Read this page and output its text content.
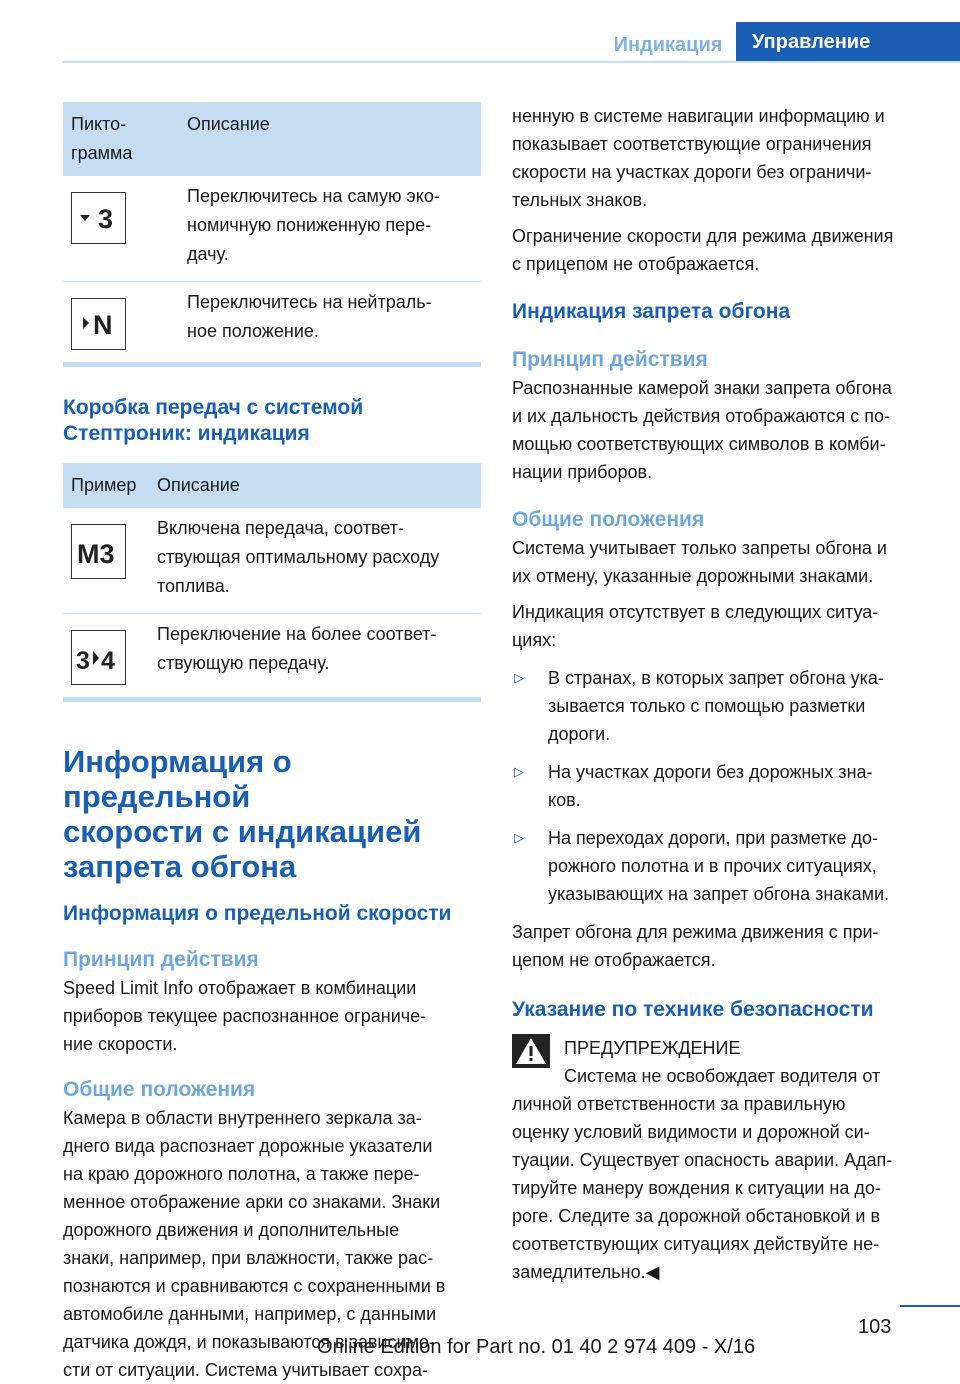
Индикация	Управление
Пикто-
грамма	Описание

3	Переключитесь на самую эко-
номичную пониженную пере-
дачу.

N	Переключитесь на нейтраль-
ное положение.
Коробка передач с системой
Стептроник: индикация
Пример	Описание

M3	Включена передача, соответ-
ствующая оптимальному расходу
топлива.

3 4	Переключение на более соответ-
ствующую передачу.
Информация о предельной
скорости с индикацией
запрета обгона
Информация о предельной скорости
Принцип действия

Speed Limit Info отображает в комбинации
приборов текущее распознанное ограниче-
ние скорости.

Общие положения

Камера в области внутреннего зеркала за-
днего вида распознает дорожные указатели
на краю дорожного полотна, а также пере-
менное отображение арки со знаками. Знаки
дорожного движения и дополнительные
знаки, например, при влажности, также рас-
познаются и сравниваются с сохраненными в
автомобиле данными, например, с данными
датчика дождя, и показываются в зависимо-
сти от ситуации. Система учитывает сохра-

ненную в системе навигации информацию и
показывает соответствующие ограничения
скорости на участках дороги без ограничи-
тельных знаков.

Ограничение скорости для режима движения
с прицепом не отображается.

Индикация запрета обгона
Принцип действия

Распознанные камерой знаки запрета обгона
и их дальность действия отображаются с по-
мощью соответствующих символов в комби-
нации приборов.

Общие положения

Система учитывает только запреты обгона и
их отмену, указанные дорожными знаками.

Индикация отсутствует в следующих ситуа-
циях:

▷	В странах, в которых запрет обгона ука-
зывается только с помощью разметки
дороги.
▷	На участках дороги без дорожных зна-
ков.
▷	На переходах дороги, при разметке до-
рожного полотна и в прочих ситуациях,
указывающих на запрет обгона знаками.

Запрет обгона для режима движения с при-
цепом не отображается.

Указание по технике безопасности
ПРЕДУПРЕЖДЕНИЕ
Система не освобождает водителя от
личной ответственности за правильную
оценку условий видимости и дорожной си-
туации. Существует опасность аварии. Адап-
тируйте манеру вождения к ситуации на до-
роге. Следите за дорожной обстановкой и в
соответствующих ситуациях действуйте не-
замедлительно.◀
103
Online Edition for Part no. 01 40 2 974 409 - X/16
